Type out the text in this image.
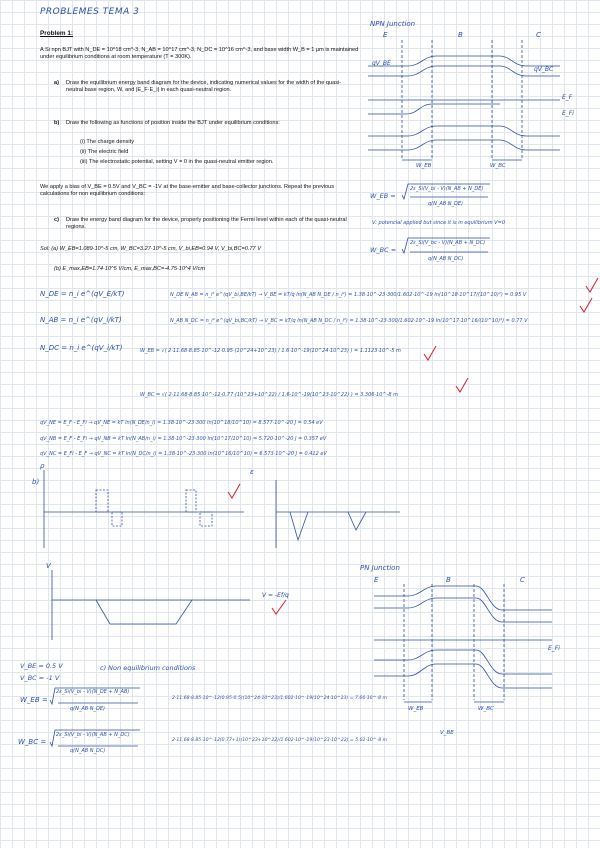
PROBLEMES TEMA 3
Problem 1:
A Si npn BJT with N_DE = 10^18 cm^-3, N_AB = 10^17 cm^-3, N_DC = 10^16 cm^-3, and base width W_B = 1 µm is maintained under equilibrium conditions at room temperature (T = 300K).
a)	Draw the equilibrium energy band diagram for the device, indicating numerical values for the width of the quasi-neutral base region, W, and |E_F·E_i| in each quasi-neutral region.
b)	Draw the following as functions of position inside the BJT under equilibrium conditions:
(i) The charge density
(ii) The electric field
(iii) The electrostatic potential, setting V = 0 in the quasi-neutral emitter region.
We apply a bias of V_BE = 0.5V and V_BC = -1V at the base-emitter and base-collector junctions. Repeat the previous calculations for non equilibrium conditions:
c)	Draw the energy band diagram for the device, properly positioning the Fermi level within each of the quasi-neutral regions.
Sol: (a) W_EB=1.089·10^-5 cm, W_BC=3.27·10^-5 cm, V_bi,EB=0.94 V, V_bi,BC=0.77 V
(b) E_max,EB=1.74·10^5 V/cm, E_max,BC=-4.75·10^4 V/cm
NPN Junction
E	B	C
qV_BE
qV_BC
E_F
E_Fi
W_EB	W_BC
W_EB =
2ε_Si(V_bi - V)(N_AB + N_DE)
q(N_AB N_DE)
V: potencial applied but since it is in equilibrium V=0
W_BC =
2ε_Si(V_bc - V)(N_AB + N_DC)
q(N_AB N_DC)
N_DE = n_i e^(qV_E/kT)
N_AB = n_i e^(qV_i/kT)
N_DC = n_i e^(qV_i/kT)
N_DE N_AB = n_i² e^(qV_bi,BE/kT) → V_BE = kT/q ln(N_AB N_DE / n_i²) = 1.38·10^-23·300/1.602·10^-19 ln(10^18·10^17/(10^10)²) = 0.95 V
N_AB N_DC = n_i² e^(qV_bi,BC/kT) → V_BC = kT/q ln(N_AB N_DC / n_i²) = 1.38·10^-23·300/1.602·10^-19 ln(10^17·10^16/(10^10)²) = 0.77 V
W_EB = √( 2·11.68·8.85·10^-12·0.95·(10^24+10^23) / 1.6·10^-19(10^24·10^23) ) = 1.1123·10^-5 m
W_BC = √( 2·11.68·8.85·10^-12·0.77·(10^23+10^22) / 1.6·10^-19(10^23·10^22) ) = 3.306·10^-8 m
qV_NE = E_F - E_Fi → qV_NE = kT ln(N_DE/n_i) = 1.38·10^-23·300 ln(10^18/10^10) = 8.577·10^-20 J = 0.54 eV
qV_NB = E_F - E_Fi → qV_NB = kT ln(N_AB/n_i) = 1.38·10^-23·300 ln(10^17/10^10) = 5.720·10^-20 J = 0.357 eV
qV_NC = E_Fi - E_F → qV_NC = kT ln(N_DC/n_i) = 1.38·10^-23·300 ln(10^16/10^10) = 6.573·10^-20 J = 0.412 eV
b)
ρ
ε
V
V = -Ef/q
PN Junction
E	B	C
E_Fi
W_EB	W_BC
V_BE
V_BE = 0.5 V
V_BC = -1 V
c) Non equilibrium conditions
W_EB =
2ε_Si(V_bi - V)(N_DE + N_AB)
q(N_AB N_DE)
2·11.68·8.85·10^-12(0.95-0.5)(10^24·10^23)/1.602·10^-19(10^24·10^23) = 7.66·10^-8 m
W_BC =
2ε_Si(V_bi - V)(N_AB + N_DC)
q(N_AB N_DC)
2·11.68·8.85·10^-12(0.77+1)(10^23+10^22)/1.602·10^-19(10^23·10^22) = 5.02·10^-8 m
